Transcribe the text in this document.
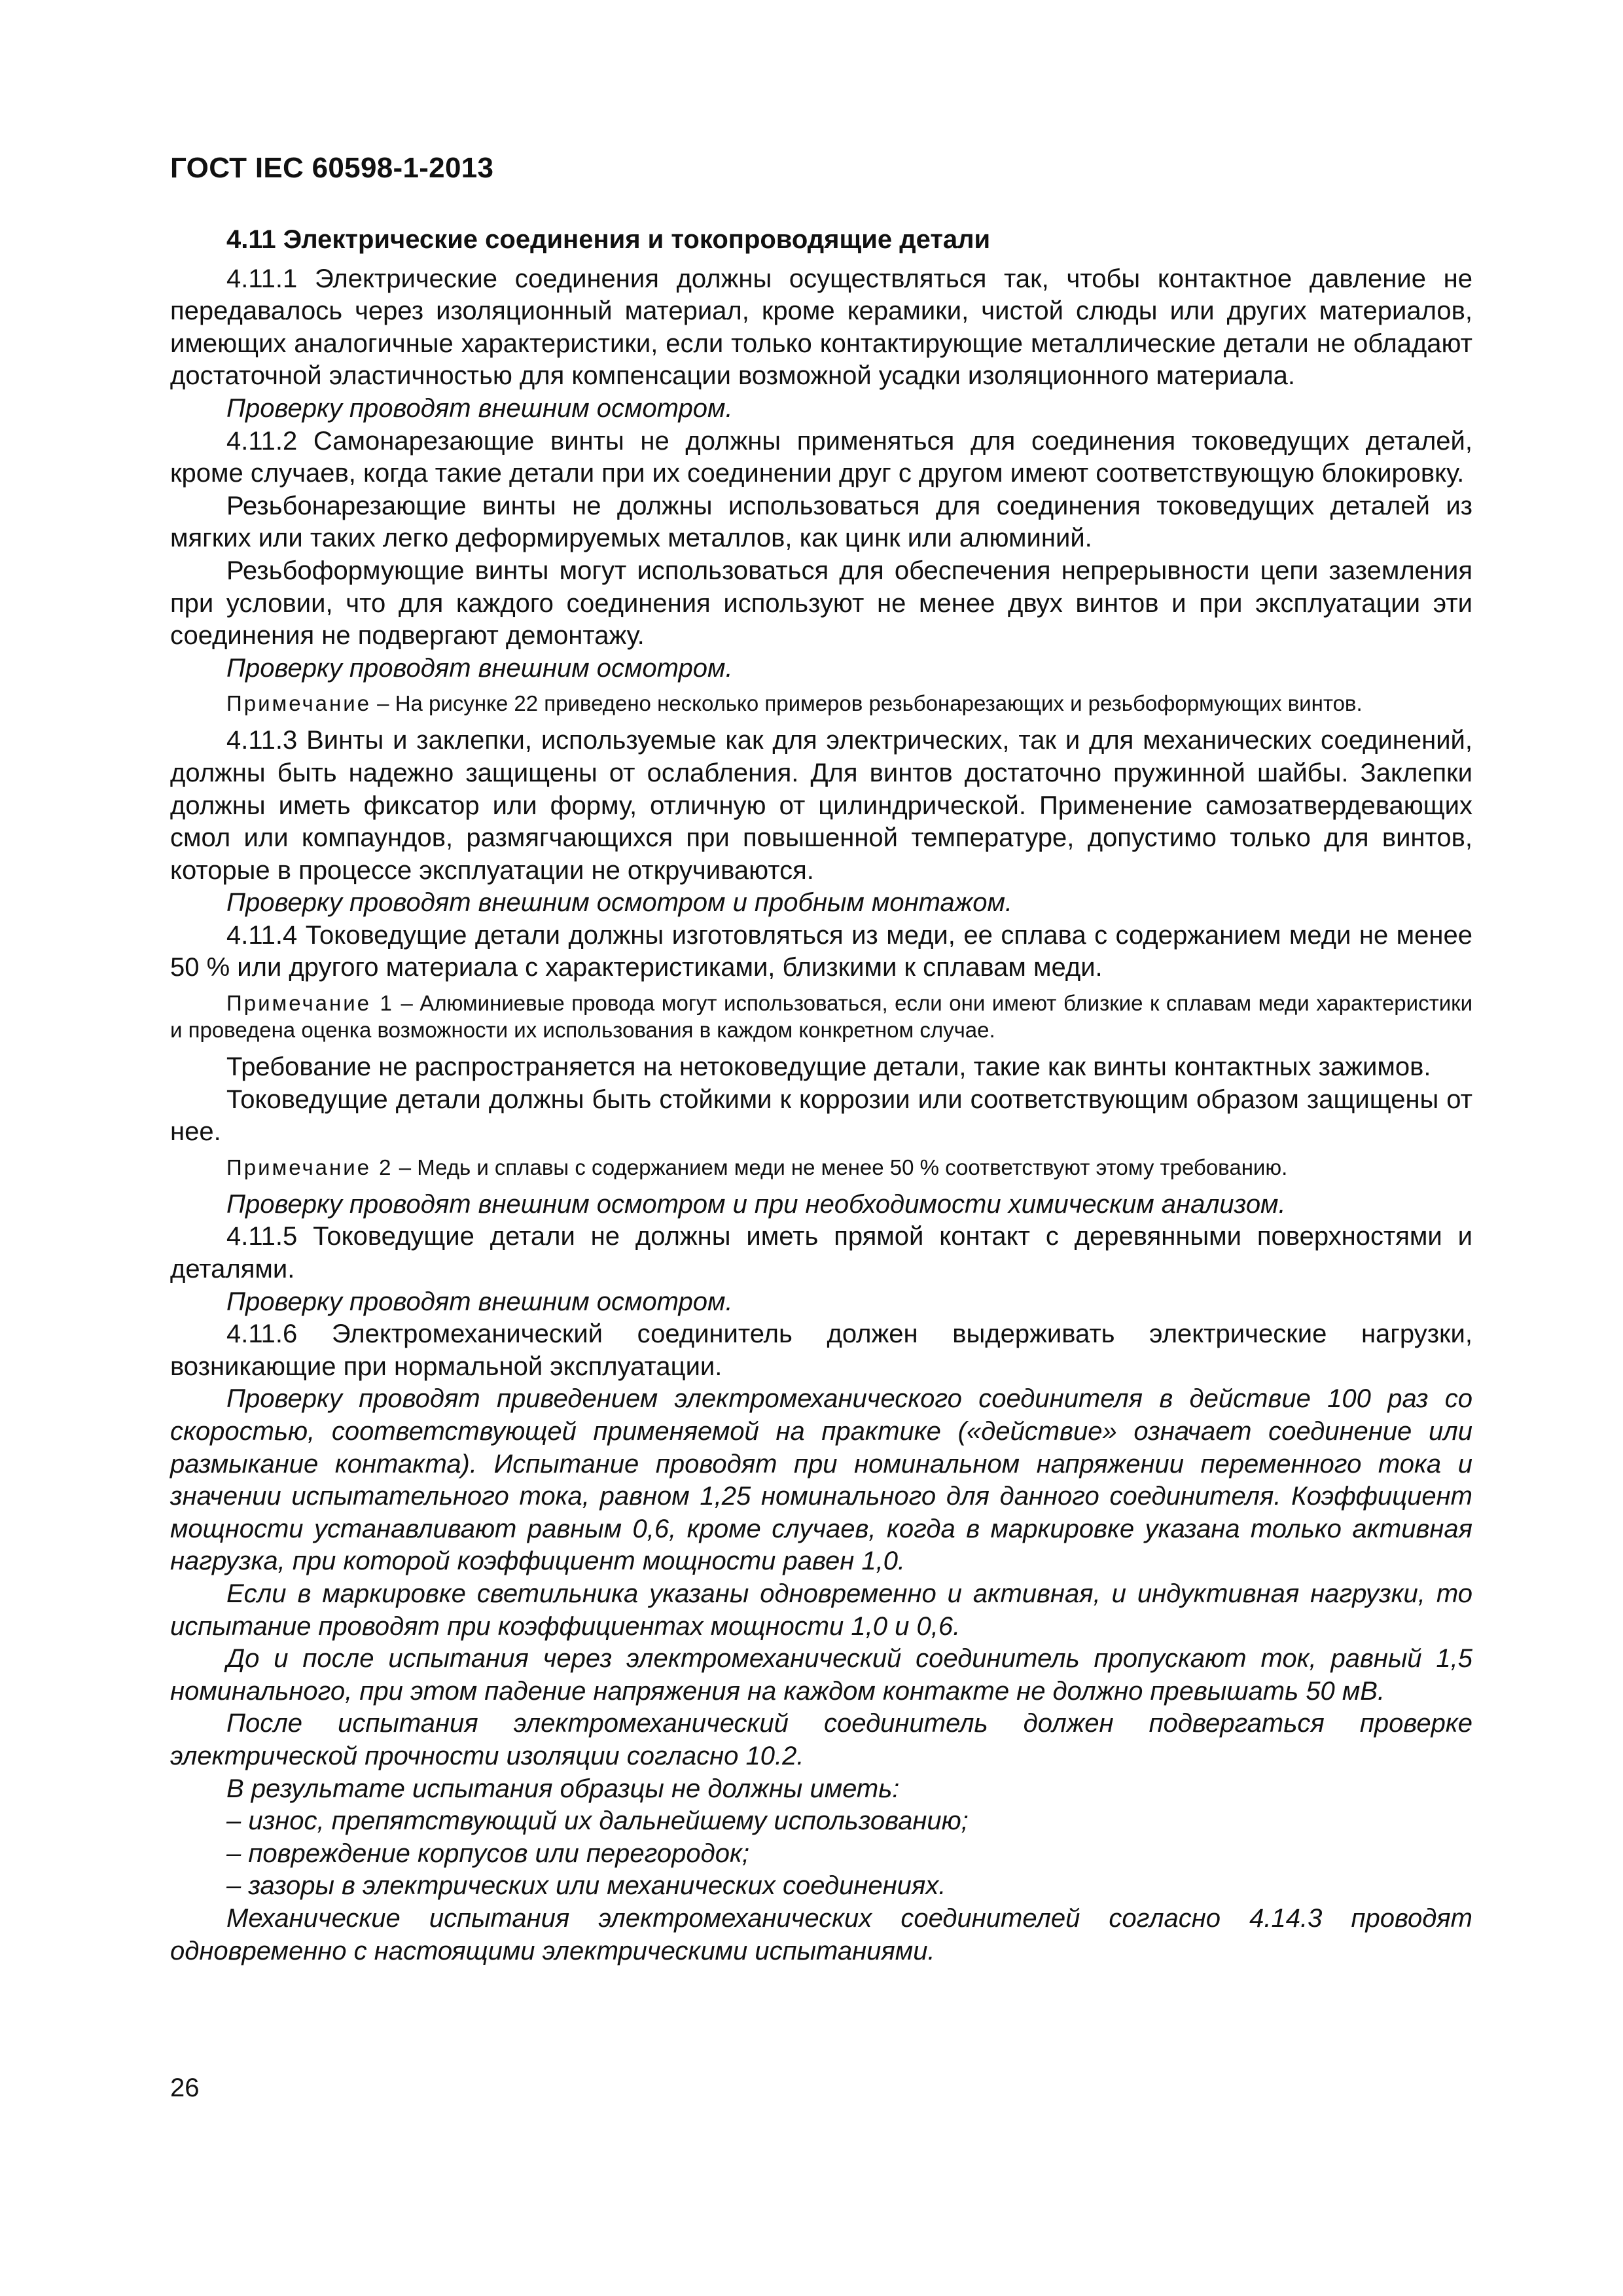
ГОСТ IEC 60598-1-2013

4.11 Электрические соединения и токопроводящие детали

4.11.1 Электрические соединения должны осуществляться так, чтобы контактное давление не передавалось через изоляционный материал, кроме керамики, чистой слюды или других материалов, имеющих аналогичные характеристики, если только контактирующие металлические детали не обладают достаточной эластичностью для компенсации возможной усадки изоляционного материала.

Проверку проводят внешним осмотром.

4.11.2 Самонарезающие винты не должны применяться для соединения токоведущих деталей, кроме случаев, когда такие детали при их соединении друг с другом имеют соответствующую блокировку.

Резьбонарезающие винты не должны использоваться для соединения токоведущих деталей из мягких или таких легко деформируемых металлов, как цинк или алюминий.

Резьбоформующие винты могут использоваться для обеспечения непрерывности цепи заземления при условии, что для каждого соединения используют не менее двух винтов и при эксплуатации эти соединения не подвергают демонтажу.

Проверку проводят внешним осмотром.

Примечание – На рисунке 22 приведено несколько примеров резьбонарезающих и резьбоформующих винтов.

4.11.3 Винты и заклепки, используемые как для электрических, так и для механических соединений, должны быть надежно защищены от ослабления. Для винтов достаточно пружинной шайбы. Заклепки должны иметь фиксатор или форму, отличную от цилиндрической. Применение самозатвердевающих смол или компаундов, размягчающихся при повышенной температуре, допустимо только для винтов, которые в процессе эксплуатации не откручиваются.

Проверку проводят внешним осмотром и пробным монтажом.

4.11.4 Токоведущие детали должны изготовляться из меди, ее сплава с содержанием меди не менее 50 % или другого материала с характеристиками, близкими к сплавам меди.

Примечание 1 – Алюминиевые провода могут использоваться, если они имеют близкие к сплавам меди характеристики и проведена оценка возможности их использования в каждом конкретном случае.

Требование не распространяется на нетоковедущие детали, такие как винты контактных зажимов.

Токоведущие детали должны быть стойкими к коррозии или соответствующим образом защищены от нее.

Примечание 2 – Медь и сплавы с содержанием меди не менее 50 % соответствуют этому требованию.

Проверку проводят внешним осмотром и при необходимости химическим анализом.

4.11.5 Токоведущие детали не должны иметь прямой контакт с деревянными поверхностями и деталями.

Проверку проводят внешним осмотром.

4.11.6 Электромеханический соединитель должен выдерживать электрические нагрузки, возникающие при нормальной эксплуатации.

Проверку проводят приведением электромеханического соединителя в действие 100 раз со скоростью, соответствующей применяемой на практике («действие» означает соединение или размыкание контакта). Испытание проводят при номинальном напряжении переменного тока и значении испытательного тока, равном 1,25 номинального для данного соединителя. Коэффициент мощности устанавливают равным 0,6, кроме случаев, когда в маркировке указана только активная нагрузка, при которой коэффициент мощности равен 1,0.

Если в маркировке светильника указаны одновременно и активная, и индуктивная нагрузки, то испытание проводят при коэффициентах мощности 1,0 и 0,6.

До и после испытания через электромеханический соединитель пропускают ток, равный 1,5 номинального, при этом падение напряжения на каждом контакте не должно превышать 50 мВ.

После испытания электромеханический соединитель должен подвергаться проверке электрической прочности изоляции согласно 10.2.

В результате испытания образцы не должны иметь:

– износ, препятствующий их дальнейшему использованию;

– повреждение корпусов или перегородок;

– зазоры в электрических или механических соединениях.

Механические испытания электромеханических соединителей согласно 4.14.3 проводят одновременно с настоящими электрическими испытаниями.

26
